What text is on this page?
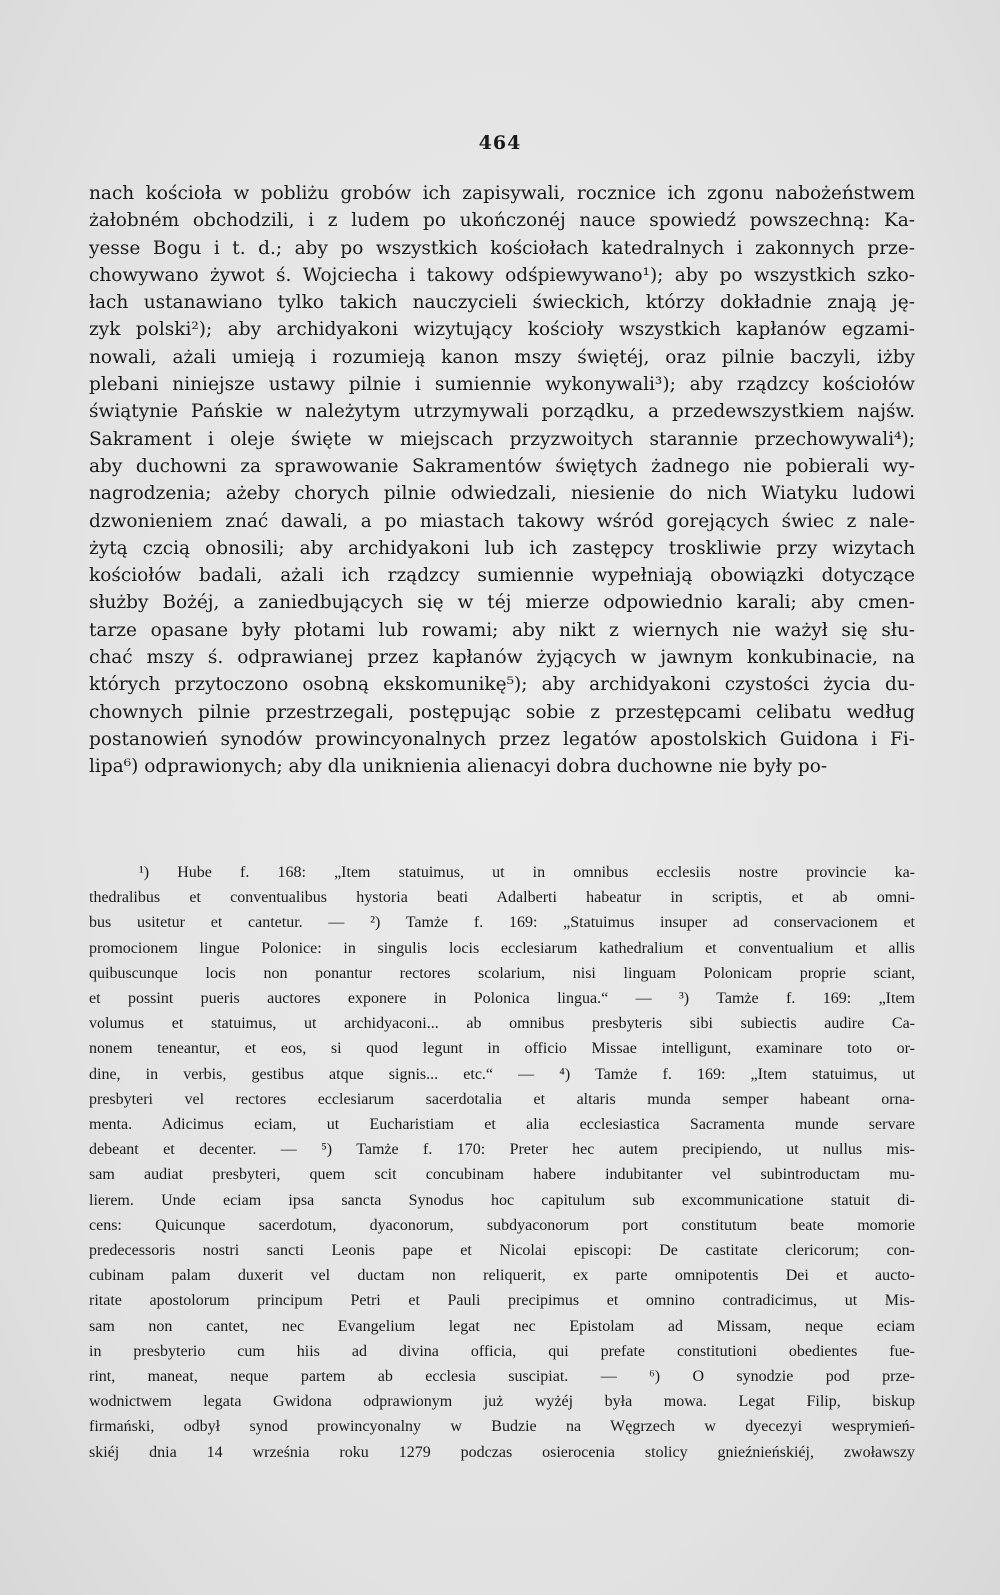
464
nach kościoła w pobliżu grobów ich zapisywali, rocznice ich zgonu nabożeństwem
żałobném obchodzili, i z ludem po ukończonéj nauce spowiedź powszechną: Ka-
yesse Bogu i t. d.; aby po wszystkich kościołach katedralnych i zakonnych prze-
chowywano żywot ś. Wojciecha i takowy odśpiewywano¹); aby po wszystkich szko-
łach ustanawiano tylko takich nauczycieli świeckich, którzy dokładnie znają ję-
zyk polski²); aby archidyakoni wizytujący kościoły wszystkich kapłanów egzami-
nowali, ażali umieją i rozumieją kanon mszy świętéj, oraz pilnie baczyli, iżby
plebani niniejsze ustawy pilnie i sumiennie wykonywali³); aby rządzcy kościołów
świątynie Pańskie w należytym utrzymywali porządku, a przedewszystkiem najśw.
Sakrament i oleje święte w miejscach przyzwoitych starannie przechowywali⁴);
aby duchowni za sprawowanie Sakramentów świętych żadnego nie pobierali wy-
nagrodzenia; ażeby chorych pilnie odwiedzali, niesienie do nich Wiatyku ludowi
dzwonieniem znać dawali, a po miastach takowy wśród gorejących świec z nale-
żytą czcią obnosili; aby archidyakoni lub ich zastępcy troskliwie przy wizytach
kościołów badali, ażali ich rządzcy sumiennie wypełniają obowiązki dotyczące
służby Bożéj, a zaniedbujących się w téj mierze odpowiednio karali; aby cmen-
tarze opasane były płotami lub rowami; aby nikt z wiernych nie ważył się słu-
chać mszy ś. odprawianej przez kapłanów żyjących w jawnym konkubinacie, na
których przytoczono osobną ekskomunikę⁵); aby archidyakoni czystości życia du-
chownych pilnie przestrzegali, postępując sobie z przestępcami celibatu według
postanowień synodów prowincyonalnych przez legatów apostolskich Guidona i Fi-
lipa⁶) odprawionych; aby dla uniknienia alienacyi dobra duchowne nie były po-
¹) Hube f. 168: „Item statuimus, ut in omnibus ecclesiis nostre provincie ka-
thedralibus et conventualibus hystoria beati Adalberti habeatur in scriptis, et ab omni-
bus usitetur et cantetur. — ²) Tamże f. 169: „Statuimus insuper ad conservacionem et
promocionem lingue Polonice: in singulis locis ecclesiarum kathedralium et conventualium et allis
quibuscunque locis non ponantur rectores scolarium, nisi linguam Polonicam proprie sciant,
et possint pueris auctores exponere in Polonica lingua.“ — ³) Tamże f. 169: „Item
volumus et statuimus, ut archidyaconi... ab omnibus presbyteris sibi subiectis audire Ca-
nonem teneantur, et eos, si quod legunt in officio Missae intelligunt, examinare toto or-
dine, in verbis, gestibus atque signis... etc.“ — ⁴) Tamże f. 169: „Item statuimus, ut
presbyteri vel rectores ecclesiarum sacerdotalia et altaris munda semper habeant orna-
menta. Adicimus eciam, ut Eucharistiam et alia ecclesiastica Sacramenta munde servare
debeant et decenter. — ⁵) Tamże f. 170: Preter hec autem precipiendo, ut nullus mis-
sam audiat presbyteri, quem scit concubinam habere indubitanter vel subintroductam mu-
lierem. Unde eciam ipsa sancta Synodus hoc capitulum sub excommunicatione statuit di-
cens: Quicunque sacerdotum, dyaconorum, subdyaconorum port constitutum beate momorie
predecessoris nostri sancti Leonis pape et Nicolai episcopi: De castitate clericorum; con-
cubinam palam duxerit vel ductam non reliquerit, ex parte omnipotentis Dei et aucto-
ritate apostolorum principum Petri et Pauli precipimus et omnino contradicimus, ut Mis-
sam non cantet, nec Evangelium legat nec Epistolam ad Missam, neque eciam
in presbyterio cum hiis ad divina officia, qui prefate constitutioni obedientes fue-
rint, maneat, neque partem ab ecclesia suscipiat. — ⁶) O synodzie pod prze-
wodnictwem legata Gwidona odprawionym już wyżéj była mowa. Legat Filip, biskup
firmański, odbył synod prowincyonalny w Budzie na Węgrzech w dyecezyi wesprymień-
skiéj dnia 14 września roku 1279 podczas osierocenia stolicy gnieźnieńskiéj, zwoławszy
